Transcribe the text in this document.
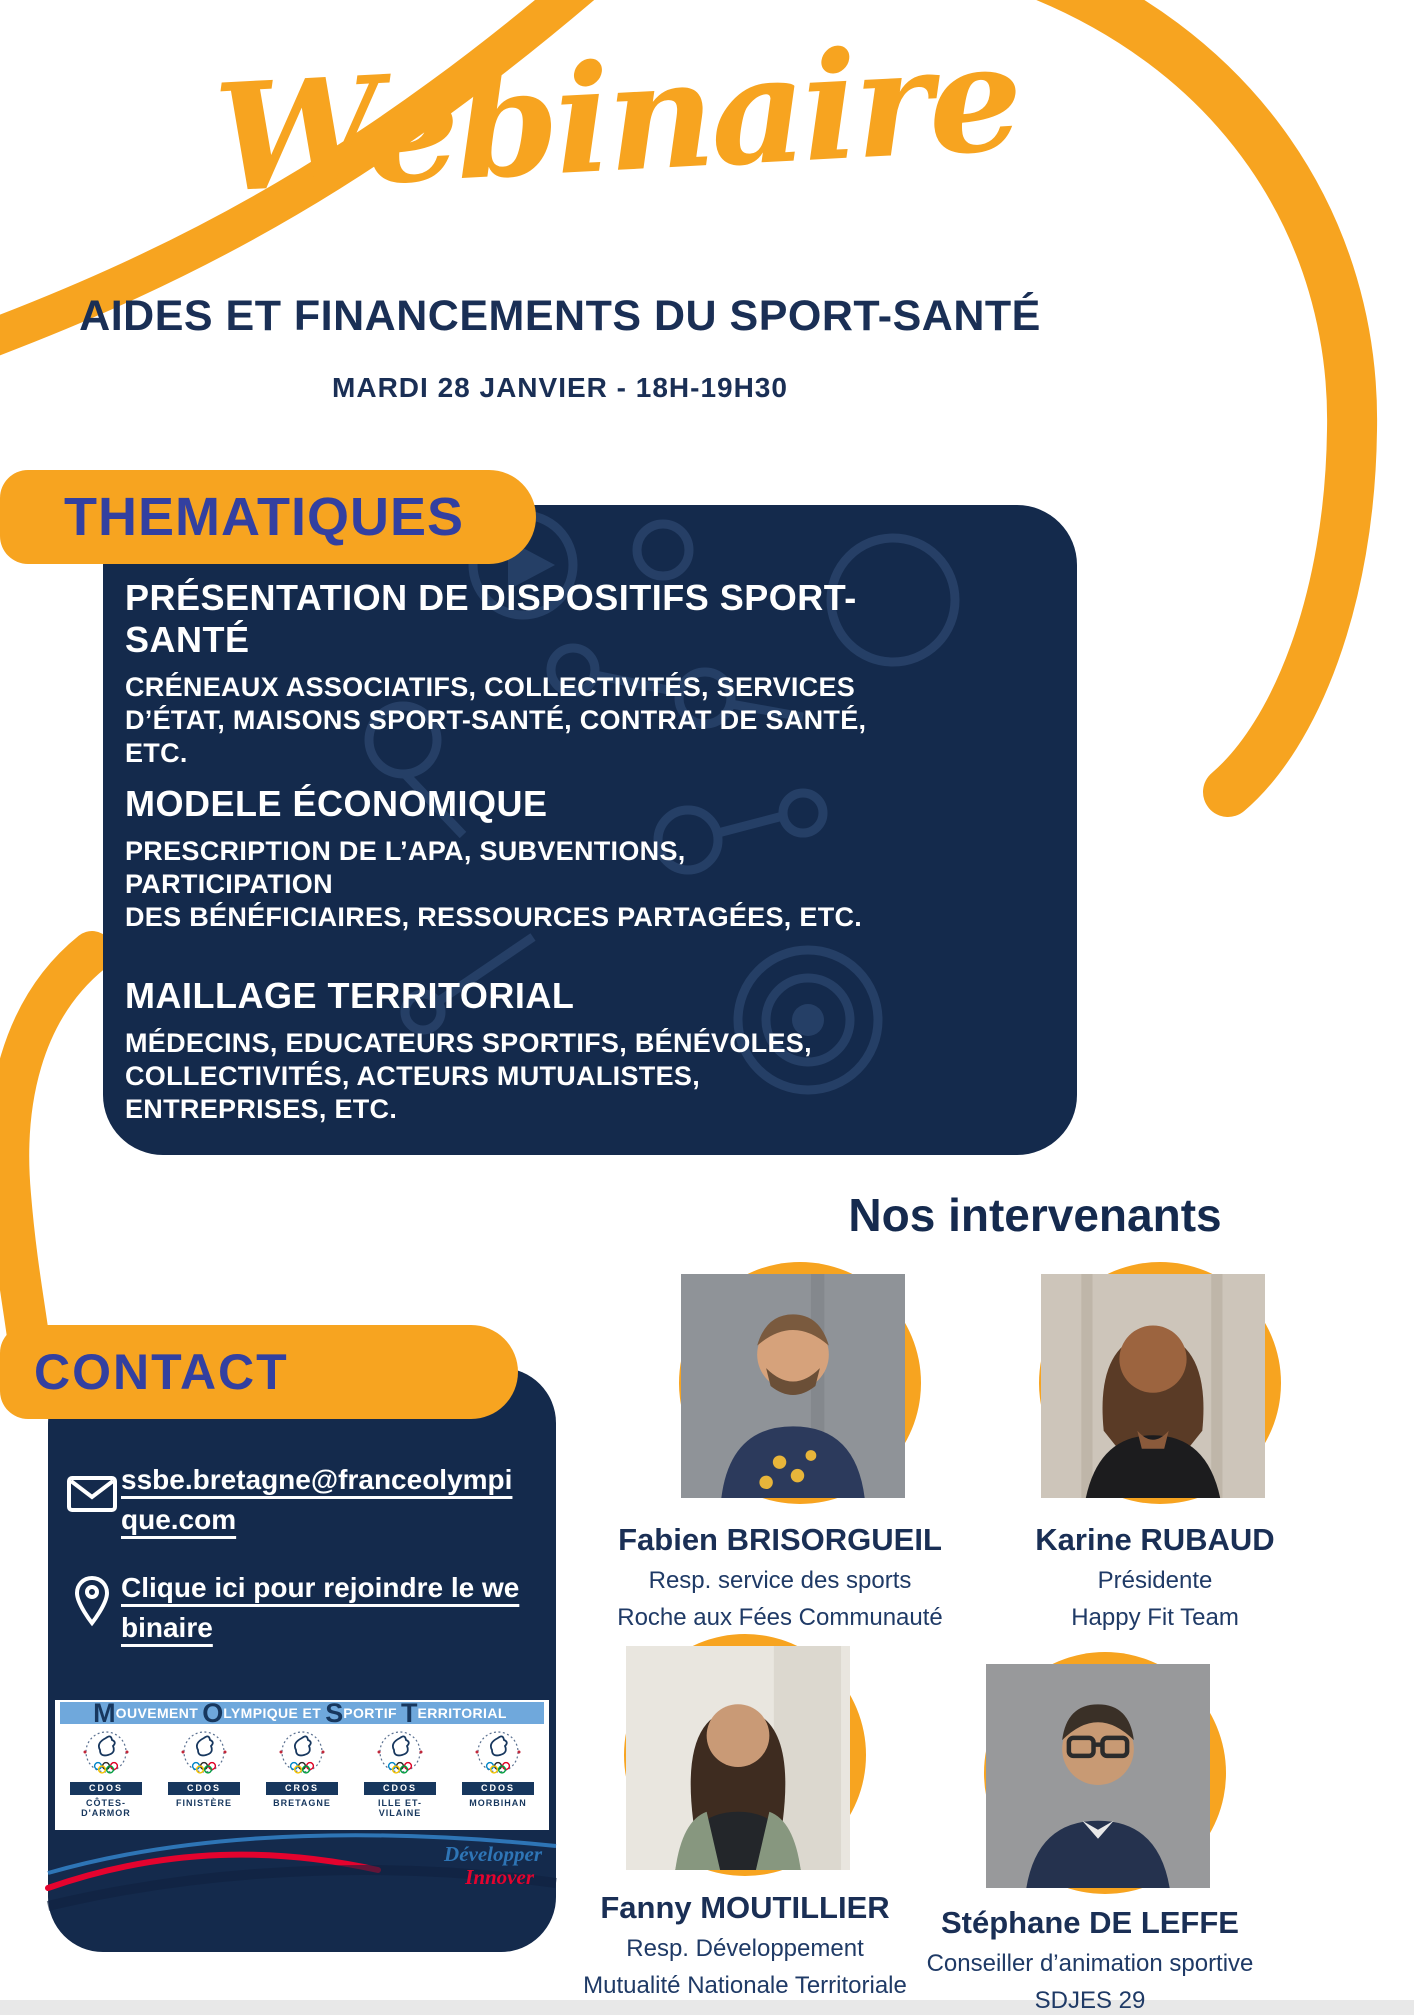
Webinaire
AIDES ET FINANCEMENTS DU SPORT-SANTÉ
MARDI 28 JANVIER - 18H-19H30
THEMATIQUES
PRÉSENTATION DE DISPOSITIFS SPORT-SANTÉ
CRÉNEAUX ASSOCIATIFS, COLLECTIVITÉS, SERVICES
D’ÉTAT, MAISONS SPORT-SANTÉ, CONTRAT DE SANTÉ, ETC.
MODELE ÉCONOMIQUE
PRESCRIPTION DE L’APA, SUBVENTIONS, PARTICIPATION
DES BÉNÉFICIAIRES, RESSOURCES PARTAGÉES, ETC.
MAILLAGE TERRITORIAL
MÉDECINS, EDUCATEURS SPORTIFS, BÉNÉVOLES,
COLLECTIVITÉS, ACTEURS MUTUALISTES, ENTREPRISES, ETC.
Nos intervenants
CONTACT
ssbe.bretagne@franceolympique.com
Clique ici pour rejoindre le webinaire
M OUVEMENT O LYMPIQUE ET S PORTIF T ERRITORIAL
CDOS
CÔTES-D'ARMOR
CDOS
FINISTÈRE
CROS
BRETAGNE
CDOS
ILLE ET-VILAINE
CDOS
MORBIHAN
Développer
Innover
Fabien BRISORGUEIL
Resp. service des sports
Roche aux Fées Communauté
Karine RUBAUD
Présidente
Happy Fit Team
Fanny MOUTILLIER
Resp. Développement
Mutualité Nationale Territoriale
Stéphane DE LEFFE
Conseiller d’animation sportive
SDJES 29
